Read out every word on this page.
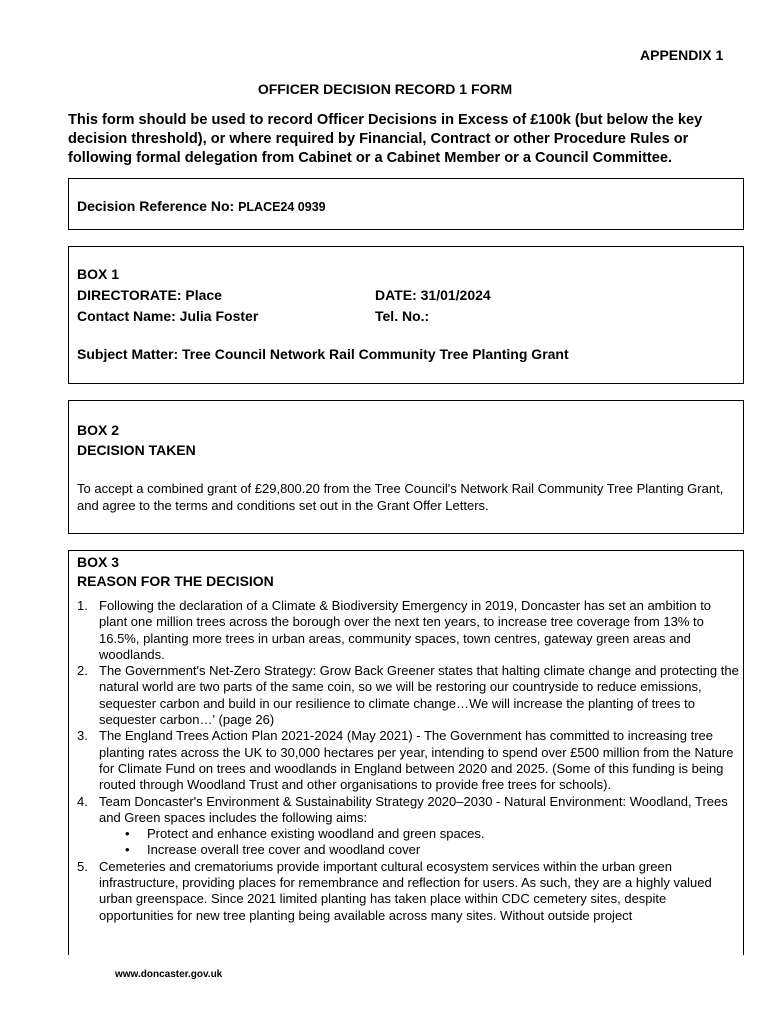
APPENDIX 1
OFFICER DECISION RECORD 1 FORM
This form should be used to record Officer Decisions in Excess of £100k (but below the key decision threshold), or where required by Financial, Contract or other Procedure Rules or following formal delegation from Cabinet or a Cabinet Member or a Council Committee.
Decision Reference No: PLACE24 0939
BOX 1
DIRECTORATE: Place	DATE: 31/01/2024
Contact Name: Julia Foster	Tel. No.:
Subject Matter: Tree Council Network Rail Community Tree Planting Grant
BOX 2
DECISION TAKEN
To accept a combined grant of £29,800.20 from the Tree Council's Network Rail Community Tree Planting Grant, and agree to the terms and conditions set out in the Grant Offer Letters.
BOX 3
REASON FOR THE DECISION
1. Following the declaration of a Climate & Biodiversity Emergency in 2019, Doncaster has set an ambition to plant one million trees across the borough over the next ten years, to increase tree coverage from 13% to 16.5%, planting more trees in urban areas, community spaces, town centres, gateway green areas and woodlands.
2. The Government's Net-Zero Strategy: Grow Back Greener states that halting climate change and protecting the natural world are two parts of the same coin, so we will be restoring our countryside to reduce emissions, sequester carbon and build in our resilience to climate change…We will increase the planting of trees to sequester carbon…' (page 26)
3. The England Trees Action Plan 2021-2024 (May 2021) - The Government has committed to increasing tree planting rates across the UK to 30,000 hectares per year, intending to spend over £500 million from the Nature for Climate Fund on trees and woodlands in England between 2020 and 2025. (Some of this funding is being routed through Woodland Trust and other organisations to provide free trees for schools).
4. Team Doncaster's Environment & Sustainability Strategy 2020–2030 - Natural Environment: Woodland, Trees and Green spaces includes the following aims:
•	Protect and enhance existing woodland and green spaces.
•	Increase overall tree cover and woodland cover
5. Cemeteries and crematoriums provide important cultural ecosystem services within the urban green infrastructure, providing places for remembrance and reflection for users. As such, they are a highly valued urban greenspace. Since 2021 limited planting has taken place within CDC cemetery sites, despite opportunities for new tree planting being available across many sites. Without outside project
www.doncaster.gov.uk
